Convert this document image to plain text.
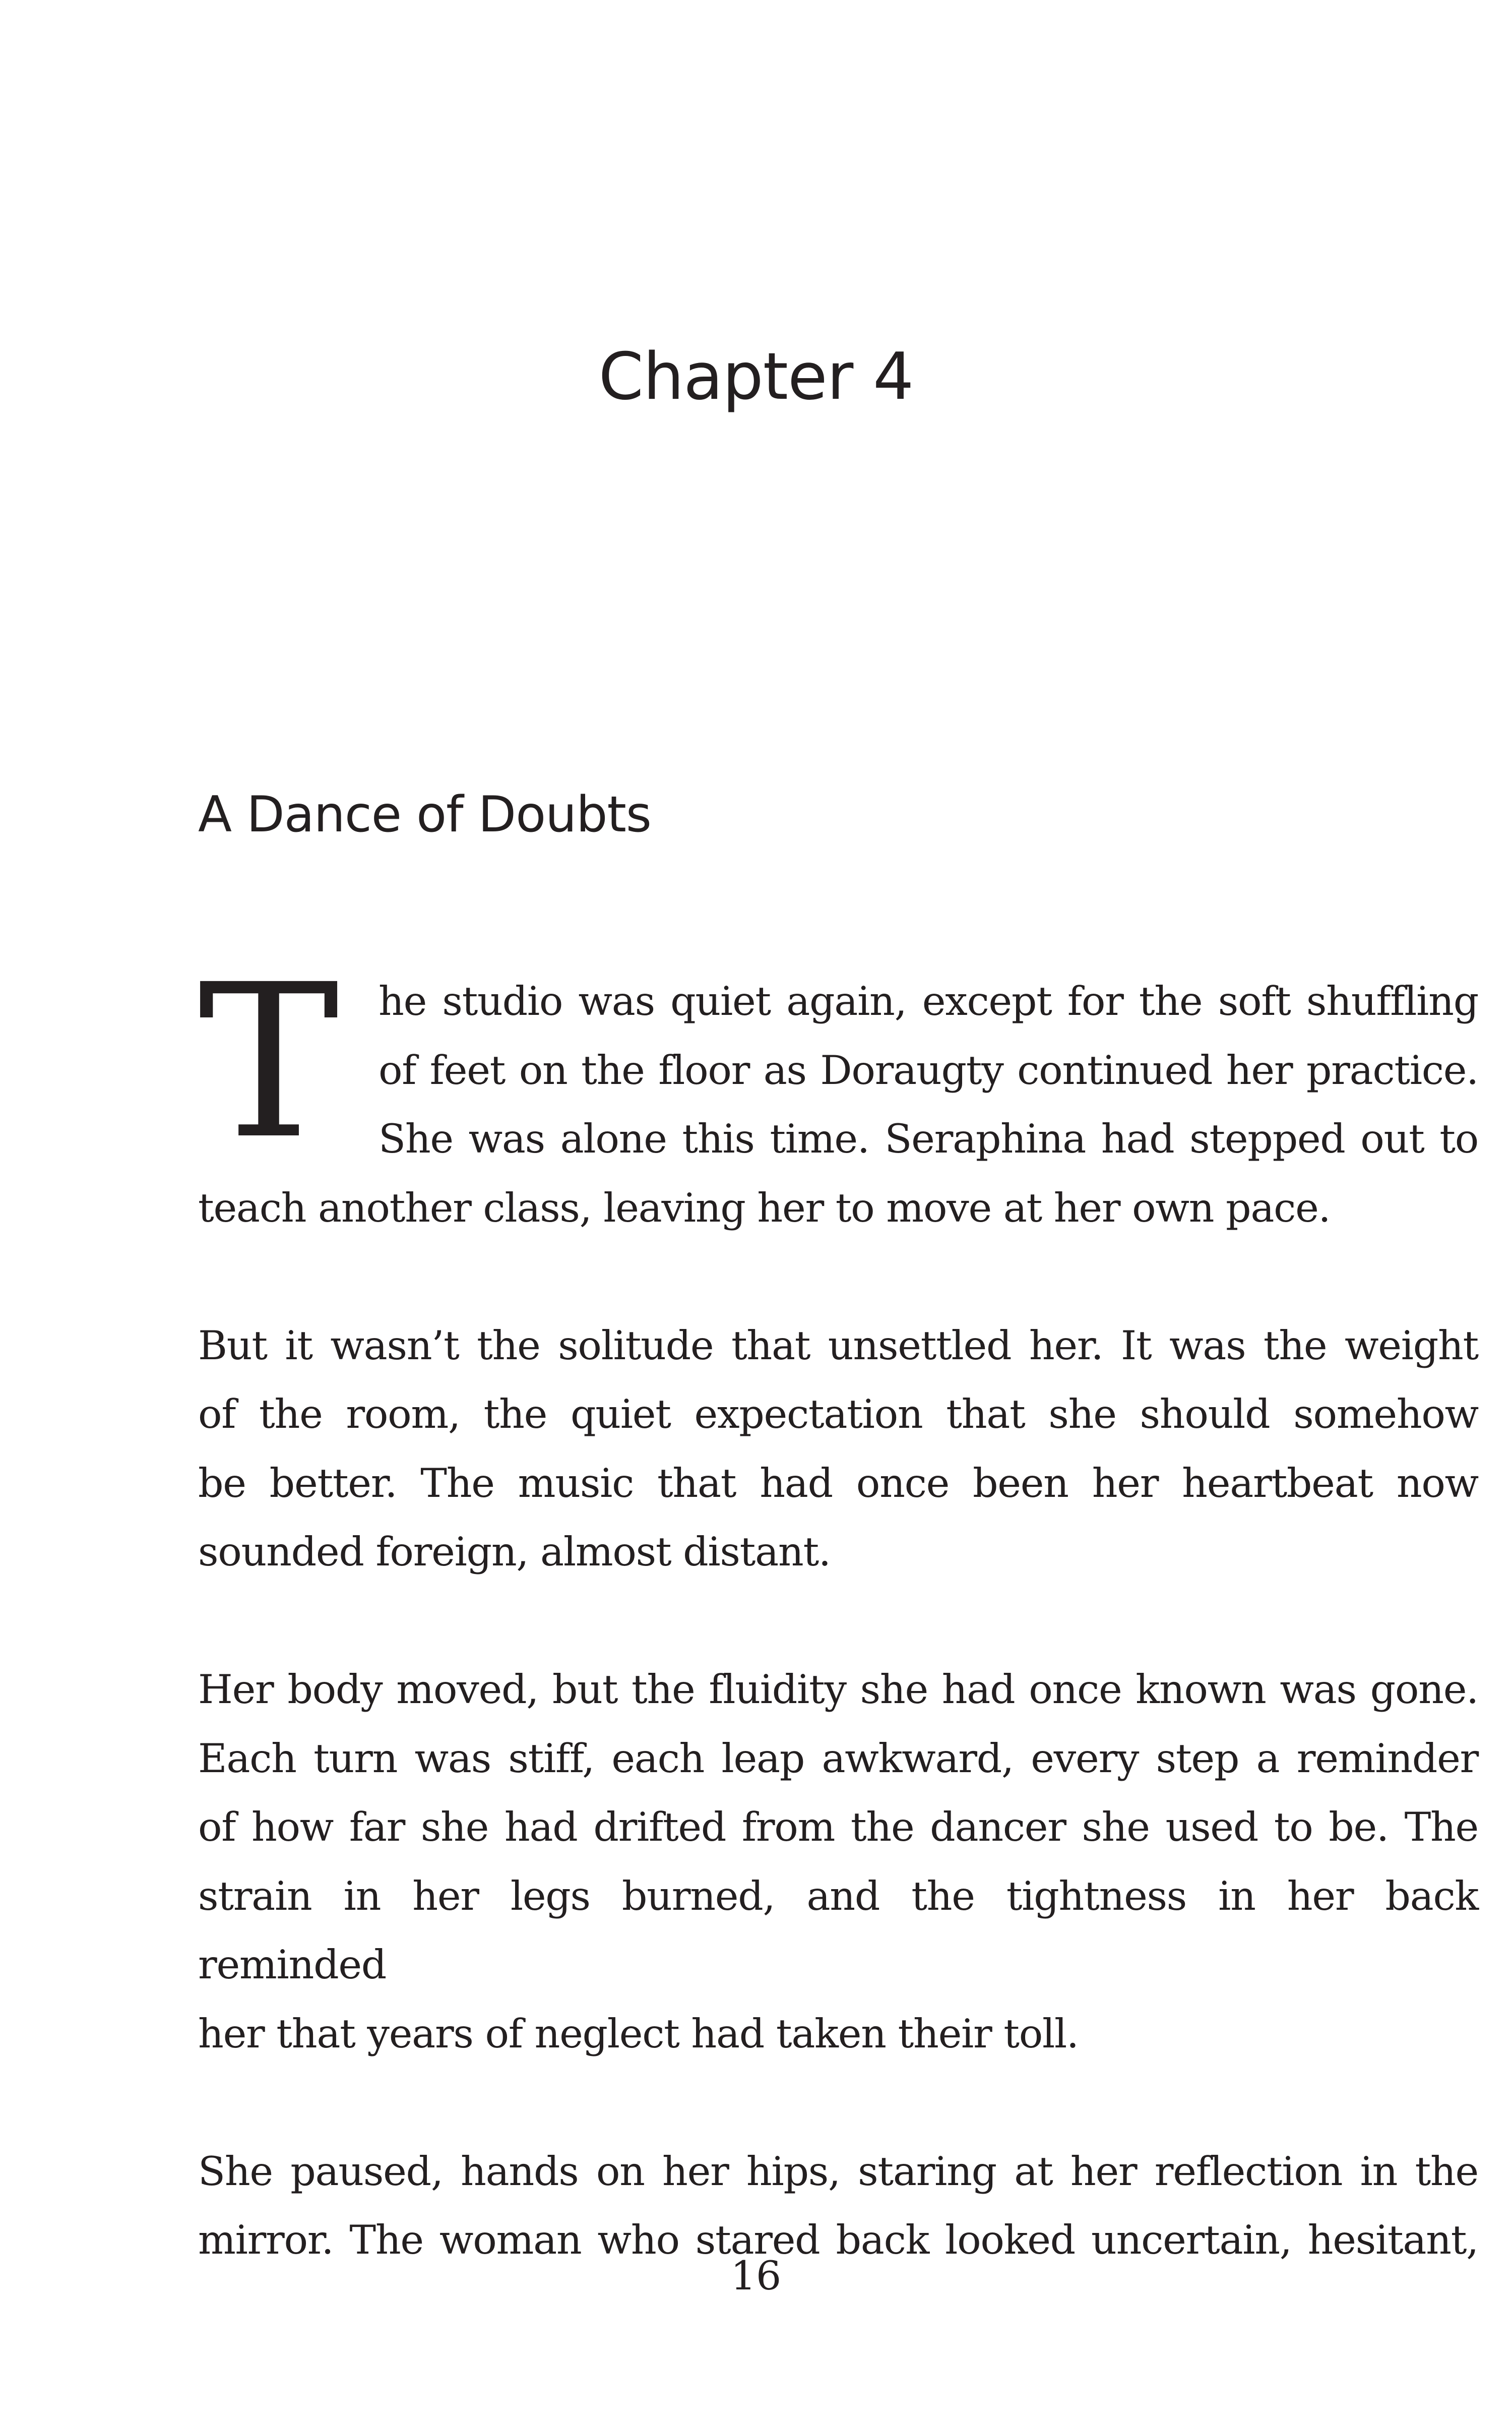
Chapter 4
A Dance of Doubts
T he studio was quiet again, except for the soft shuffling
of feet on the floor as Doraugty continued her practice.
She was alone this time. Seraphina had stepped out to
teach another class, leaving her to move at her own pace.
But it wasn’t the solitude that unsettled her. It was the weight
of the room, the quiet expectation that she should somehow
be better. The music that had once been her heartbeat now
sounded foreign, almost distant.
Her body moved, but the fluidity she had once known was gone.
Each turn was stiff, each leap awkward, every step a reminder
of how far she had drifted from the dancer she used to be. The
strain in her legs burned, and the tightness in her back reminded
her that years of neglect had taken their toll.
She paused, hands on her hips, staring at her reflection in the
mirror. The woman who stared back looked uncertain, hesitant,
16
